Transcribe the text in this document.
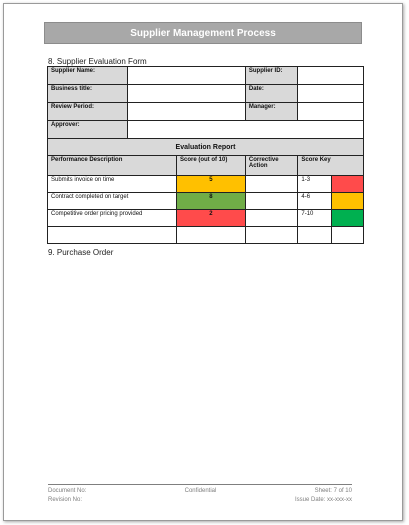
Supplier Management Process
8. Supplier Evaluation Form
Supplier Name:			Supplier ID:		
Business title:			Date:		
Review Period:			Manager:		
Approver:					
Evaluation Report					
Performance Description		Score (out of 10)	Corrective Action	Score Key	
Submits invoice on time		5		1-3	
Contract completed on target		8		4-6	
Competitive order pricing provided		2		7-10	

9. Purchase Order
Document No:	Confidential	Sheet: 7 of 10
Revision No:	Issue Date: xx-xxx-xx
